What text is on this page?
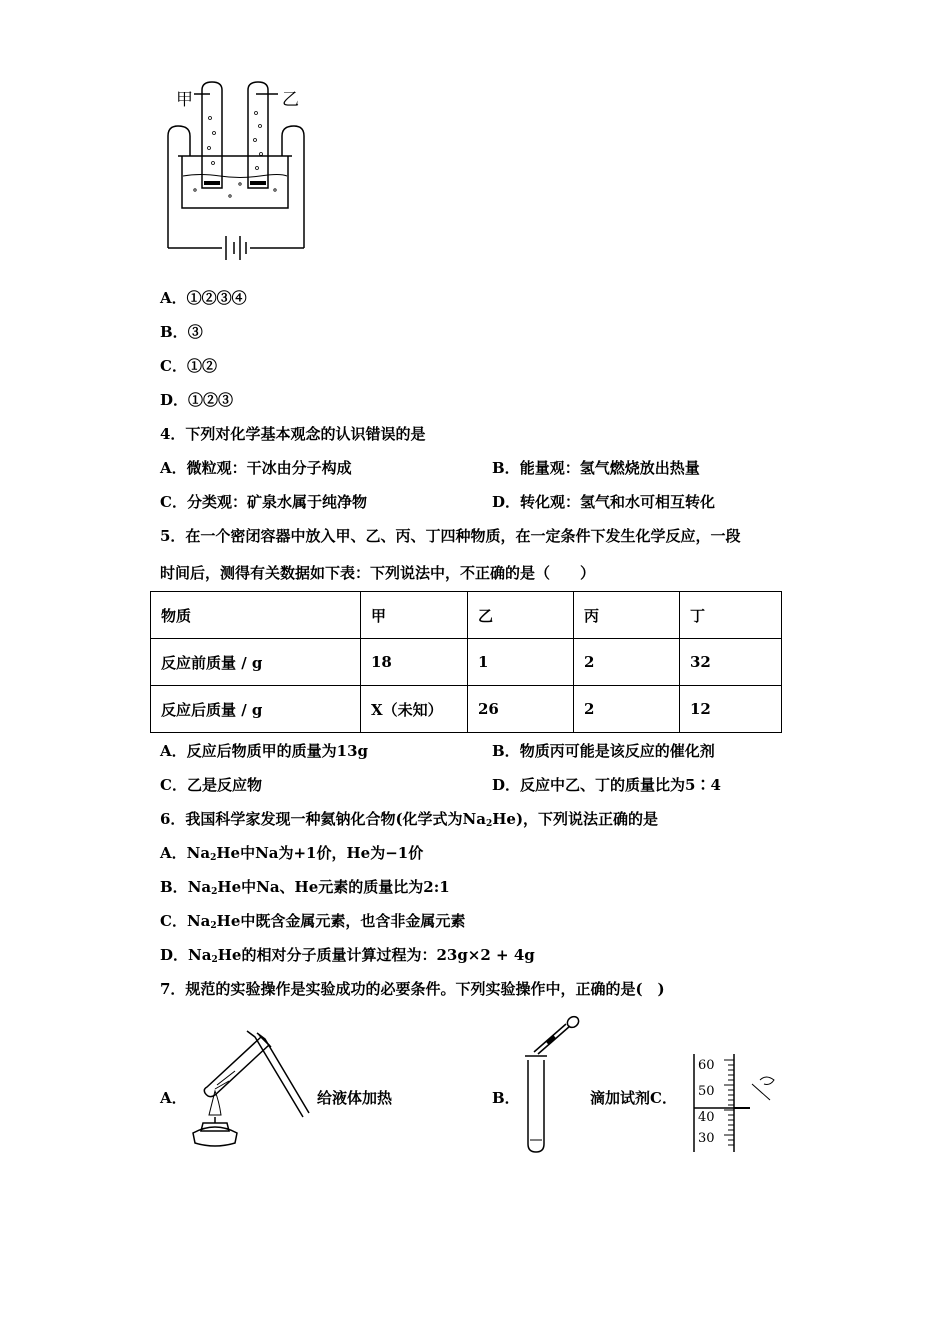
甲	乙
A．①②③④
B．③
C．①②
D．①②③
4．下列对化学基本观念的认识错误的是
A．微粒观：干冰由分子构成	B．能量观：氢气燃烧放出热量
C．分类观：矿泉水属于纯净物	D．转化观：氢气和水可相互转化
5．在一个密闭容器中放入甲、乙、丙、丁四种物质，在一定条件下发生化学反应，一段
时间后，测得有关数据如下表：下列说法中，不正确的是（　　）
物质	甲	乙	丙	丁
反应前质量 / g	18	1	2	32
反应后质量 / g	X（未知）	26	2	12
A．反应后物质甲的质量为13g	B．物质丙可能是该反应的催化剂
C．乙是反应物	D．反应中乙、丁的质量比为5∶4
6．我国科学家发现一种氦钠化合物(化学式为$Na_2He$)，下列说法正确的是
A．$Na_2He$中Na为+1价，He为−1价
B．$Na_2He$中Na、He元素的质量比为2:1
C．$Na_2He$中既含金属元素，也含非金属元素
D．$Na_2He$的相对分子质量计算过程为：23g×2 + 4g
7．规范的实验操作是实验成功的必要条件。下列实验操作中，正确的是(　)
A．	给液体加热	B．	滴加试剂C．
60
50
40
30
